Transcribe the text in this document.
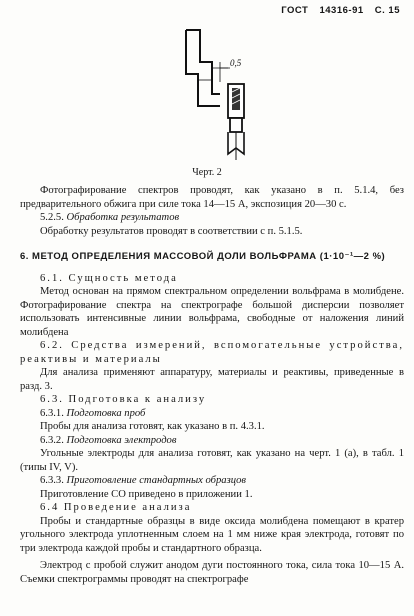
ГОСТ 14316-91 С. 15
0,5
Черт. 2

Фотографирование спектров проводят, как указано в п. 5.1.4, без предварительного обжига при силе тока 14—15 А, экспозиция 20—30 с.

5.2.5. Обработка результатов

Обработку результатов проводят в соответствии с п. 5.1.5.

6. МЕТОД ОПРЕДЕЛЕНИЯ МАССОВОЙ ДОЛИ ВОЛЬФРАМА (1·10⁻¹—2 %)

6.1. Сущность метода

Метод основан на прямом спектральном определении вольфрама в молибдене. Фотографирование спектра на спектрографе большой дисперсии позволяет использовать интенсивные линии вольфрама, свободные от наложения линий молибдена

6.2. Средства измерений, вспомогательные устройства, реактивы и материалы

Для анализа применяют аппаратуру, материалы и реактивы, приведенные в разд. 3.

6.3. Подготовка к анализу

6.3.1. Подготовка проб

Пробы для анализа готовят, как указано в п. 4.3.1.

6.3.2. Подготовка электродов

Угольные электроды для анализа готовят, как указано на черт. 1 (а), в табл. 1 (типы IV, V).

6.3.3. Приготовление стандартных образцов

Приготовление СО приведено в приложении 1.

6.4 Проведение анализа

Пробы и стандартные образцы в виде оксида молибдена помещают в кратер угольного электрода уплотненным слоем на 1 мм ниже края электрода, готовят по три электрода каждой пробы и стандартного образца.

Электрод с пробой служит анодом дуги постоянного тока, сила тока 10—15 А. Съемки спектрограммы проводят на спектрографе
